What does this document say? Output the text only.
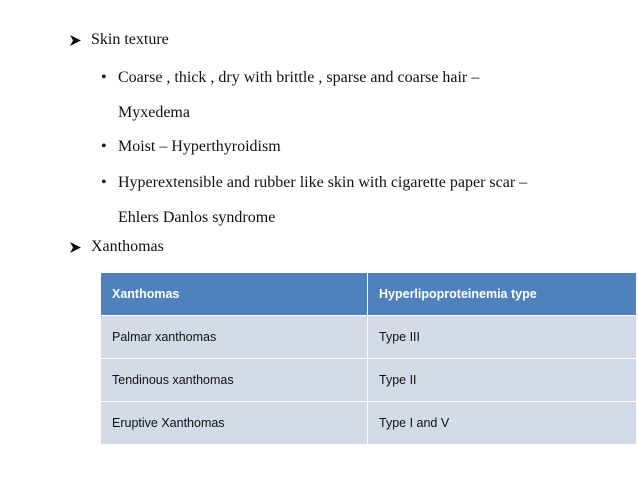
Skin texture
• Coarse , thick , dry with brittle , sparse and coarse hair –
Myxedema
• Moist – Hyperthyroidism
• Hyperextensible and rubber like skin with cigarette paper scar –
Ehlers Danlos syndrome
Xanthomas
Xanthomas	Hyperlipoproteinemia type
Palmar xanthomas	Type III
Tendinous xanthomas	Type II
Eruptive Xanthomas	Type I and V
